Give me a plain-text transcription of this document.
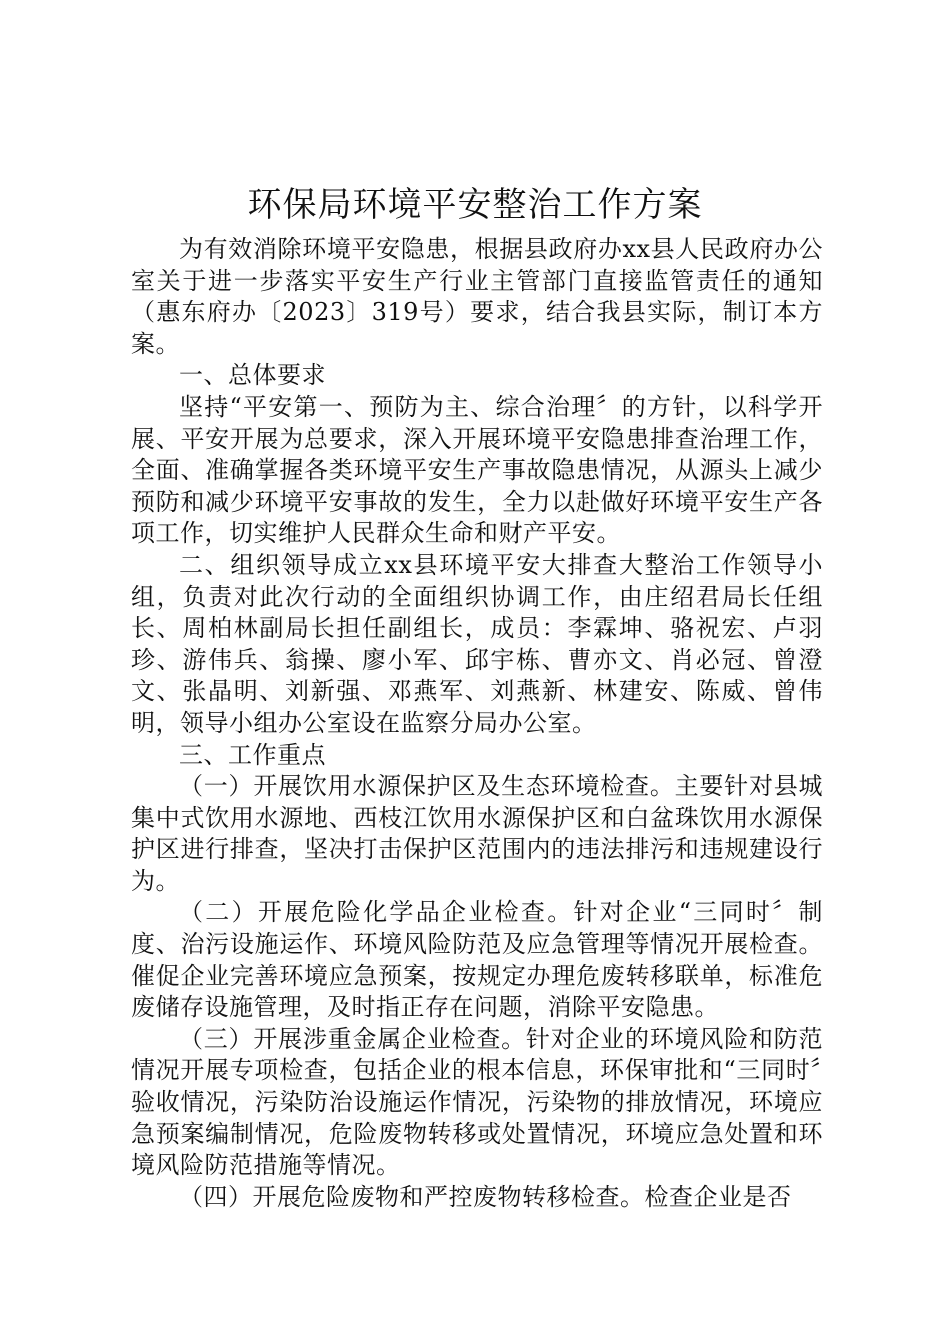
环保局环境平安整治工作方案

为有效消除环境平安隐患，根据县政府办xx县人民政府办公室关于进一步落实平安生产行业主管部门直接监管责任的通知（惠东府办〔2023〕319号）要求，结合我县实际，制订本方案。

一、总体要求

坚持“平安第一、预防为主、综合治理〞的方针，以科学开展、平安开展为总要求，深入开展环境平安隐患排查治理工作，全面、准确掌握各类环境平安生产事故隐患情况，从源头上减少预防和减少环境平安事故的发生，全力以赴做好环境平安生产各项工作，切实维护人民群众生命和财产平安。

二、组织领导成立xx县环境平安大排查大整治工作领导小组，负责对此次行动的全面组织协调工作，由庄绍君局长任组长、周柏林副局长担任副组长，成员：李霖坤、骆祝宏、卢羽珍、游伟兵、翁操、廖小军、邱宇栋、曹亦文、肖必冠、曾澄文、张晶明、刘新强、邓燕军、刘燕新、林建安、陈威、曾伟明，领导小组办公室设在监察分局办公室。

三、工作重点

（一）开展饮用水源保护区及生态环境检查。主要针对县城集中式饮用水源地、西枝江饮用水源保护区和白盆珠饮用水源保护区进行排查，坚决打击保护区范围内的违法排污和违规建设行为。

（二）开展危险化学品企业检查。针对企业“三同时〞制度、治污设施运作、环境风险防范及应急管理等情况开展检查。催促企业完善环境应急预案，按规定办理危废转移联单，标准危废储存设施管理，及时指正存在问题，消除平安隐患。

（三）开展涉重金属企业检查。针对企业的环境风险和防范情况开展专项检查，包括企业的根本信息，环保审批和“三同时〞验收情况，污染防治设施运作情况，污染物的排放情况，环境应急预案编制情况，危险废物转移或处置情况，环境应急处置和环境风险防范措施等情况。

（四）开展危险废物和严控废物转移检查。检查企业是否
